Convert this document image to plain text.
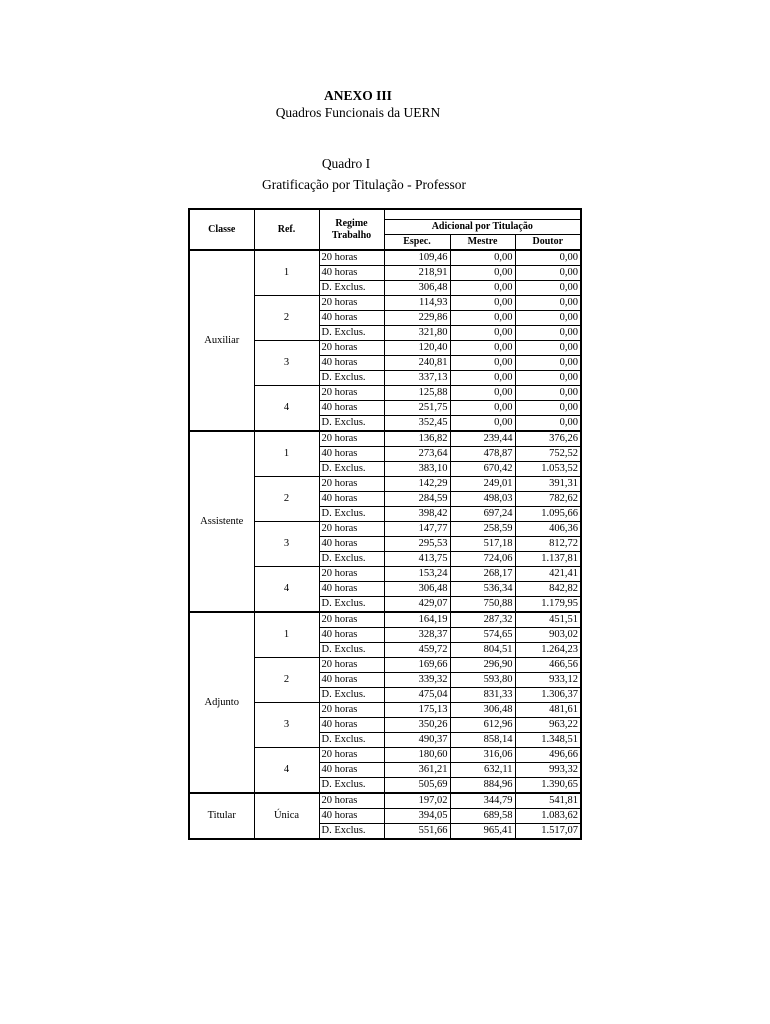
ANEXO III
Quadros Funcionais da UERN
Quadro I
Gratificação por Titulação - Professor
Classe	Ref.	Regime Trabalho			
			Adicional por Titulação		
			Espec.	Mestre	Doutor
Auxiliar	1	20 horas	109,46	0,00	0,00
		40 horas	218,91	0,00	0,00
		D. Exclus.	306,48	0,00	0,00
	2	20 horas	114,93	0,00	0,00
		40 horas	229,86	0,00	0,00
		D. Exclus.	321,80	0,00	0,00
	3	20 horas	120,40	0,00	0,00
		40 horas	240,81	0,00	0,00
		D. Exclus.	337,13	0,00	0,00
	4	20 horas	125,88	0,00	0,00
		40 horas	251,75	0,00	0,00
		D. Exclus.	352,45	0,00	0,00
Assistente	1	20 horas	136,82	239,44	376,26
		40 horas	273,64	478,87	752,52
		D. Exclus.	383,10	670,42	1.053,52
	2	20 horas	142,29	249,01	391,31
		40 horas	284,59	498,03	782,62
		D. Exclus.	398,42	697,24	1.095,66
	3	20 horas	147,77	258,59	406,36
		40 horas	295,53	517,18	812,72
		D. Exclus.	413,75	724,06	1.137,81
	4	20 horas	153,24	268,17	421,41
		40 horas	306,48	536,34	842,82
		D. Exclus.	429,07	750,88	1.179,95
Adjunto	1	20 horas	164,19	287,32	451,51
		40 horas	328,37	574,65	903,02
		D. Exclus.	459,72	804,51	1.264,23
	2	20 horas	169,66	296,90	466,56
		40 horas	339,32	593,80	933,12
		D. Exclus.	475,04	831,33	1.306,37
	3	20 horas	175,13	306,48	481,61
		40 horas	350,26	612,96	963,22
		D. Exclus.	490,37	858,14	1.348,51
	4	20 horas	180,60	316,06	496,66
		40 horas	361,21	632,11	993,32
		D. Exclus.	505,69	884,96	1.390,65
Titular	Única	20 horas	197,02	344,79	541,81
		40 horas	394,05	689,58	1.083,62
		D. Exclus.	551,66	965,41	1.517,07
